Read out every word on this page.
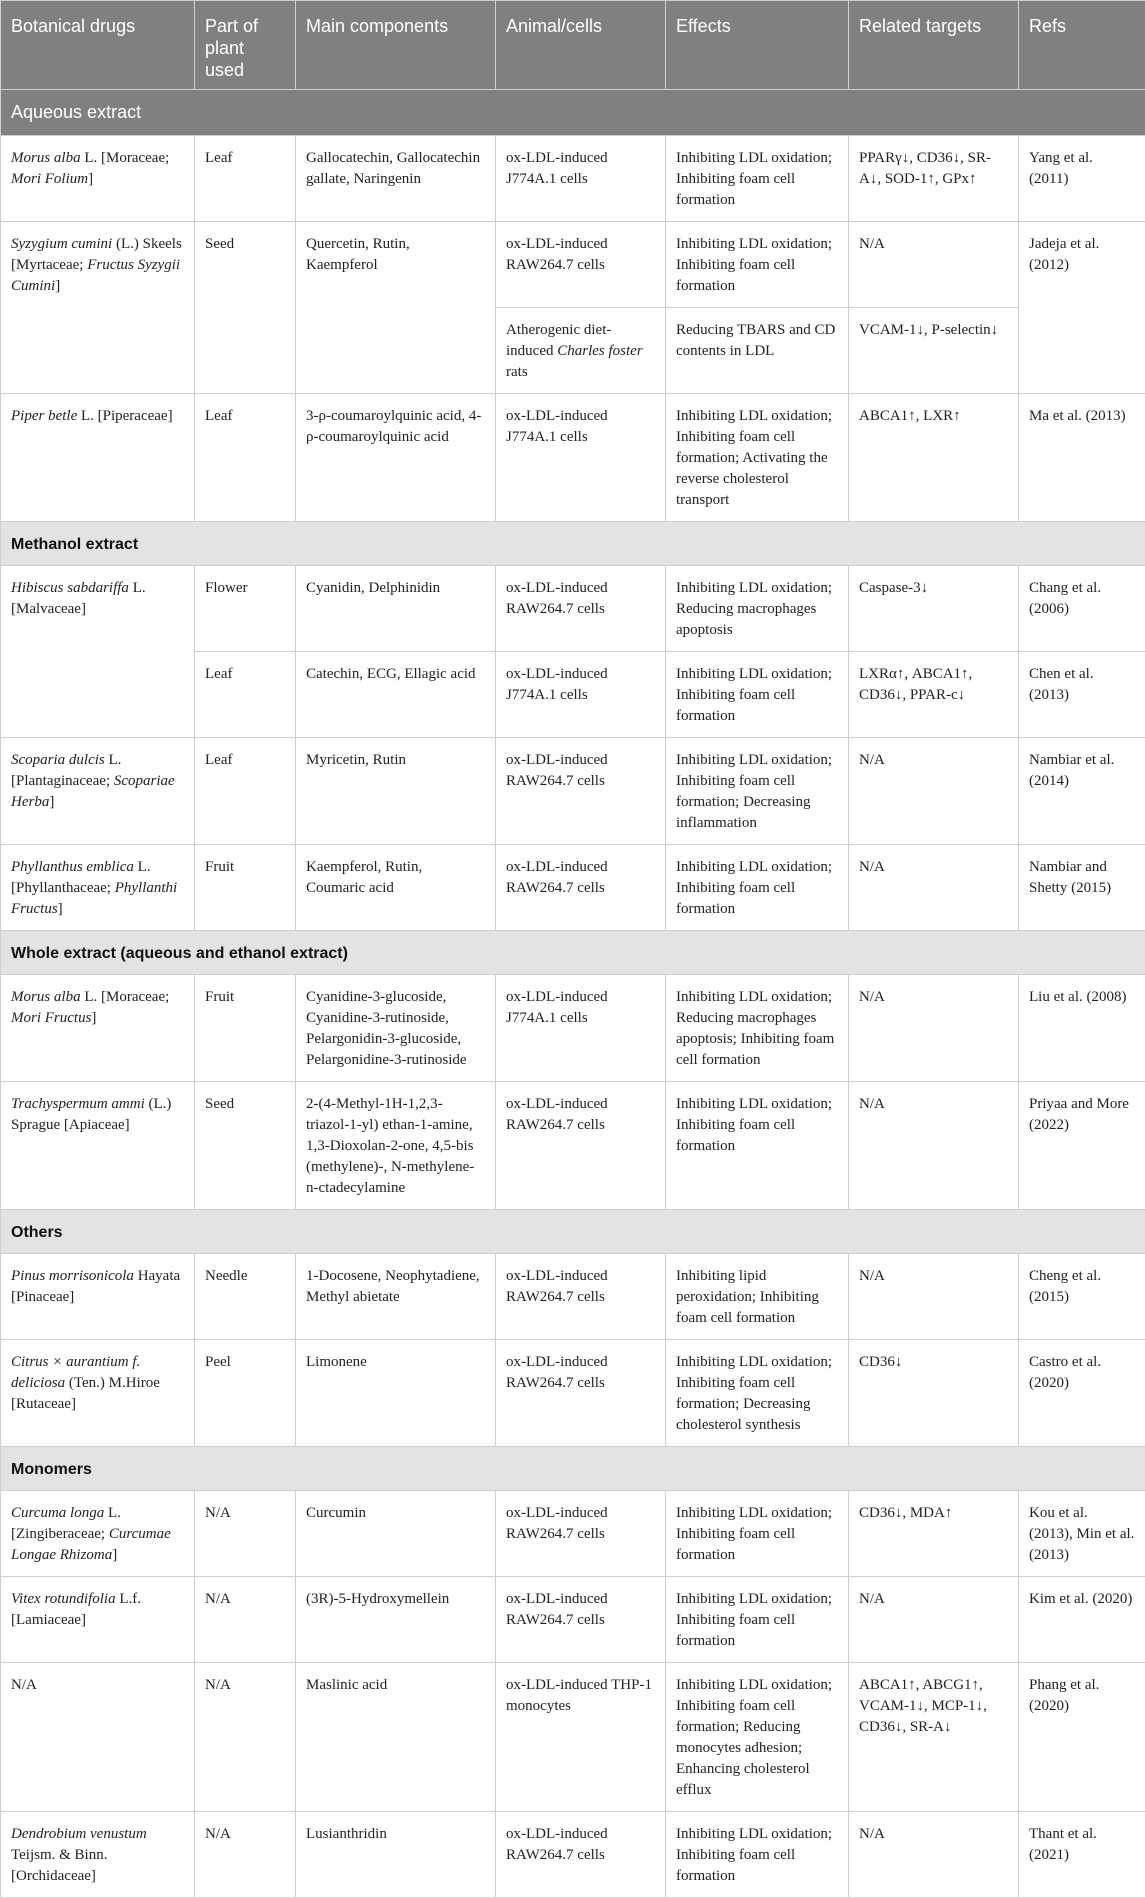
Botanical drugs	Part of plant used	Main components	Animal/cells	Effects	Related targets	Refs
Aqueous extract						
Morus alba L. [Moraceae; Mori Folium]	Leaf	Gallocatechin, Gallocatechin gallate, Naringenin	ox-LDL-induced J774A.1 cells	Inhibiting LDL oxidation; Inhibiting foam cell formation	PPARγ↓, CD36↓, SR-A↓, SOD-1↑, GPx↑	Yang et al. (2011)
Syzygium cumini (L.) Skeels [Myrtaceae; Fructus Syzygii Cumini]	Seed	Quercetin, Rutin, Kaempferol	ox-LDL-induced RAW264.7 cells	Inhibiting LDL oxidation; Inhibiting foam cell formation	N/A	Jadeja et al. (2012)
			Atherogenic diet-induced Charles foster rats	Reducing TBARS and CD contents in LDL	VCAM-1↓, P-selectin↓	
Piper betle L. [Piperaceae]	Leaf	3-ρ-coumaroylquinic acid, 4-ρ-coumaroylquinic acid	ox-LDL-induced J774A.1 cells	Inhibiting LDL oxidation; Inhibiting foam cell formation; Activating the reverse cholesterol transport	ABCA1↑, LXR↑	Ma et al. (2013)
Methanol extract						
Hibiscus sabdariffa L. [Malvaceae]	Flower	Cyanidin, Delphinidin	ox-LDL-induced RAW264.7 cells	Inhibiting LDL oxidation; Reducing macrophages apoptosis	Caspase-3↓	Chang et al. (2006)
	Leaf	Catechin, ECG, Ellagic acid	ox-LDL-induced J774A.1 cells	Inhibiting LDL oxidation; Inhibiting foam cell formation	LXRα↑, ABCA1↑, CD36↓, PPAR-c↓	Chen et al. (2013)
Scoparia dulcis L. [Plantaginaceae; Scopariae Herba]	Leaf	Myricetin, Rutin	ox-LDL-induced RAW264.7 cells	Inhibiting LDL oxidation; Inhibiting foam cell formation; Decreasing inflammation	N/A	Nambiar et al. (2014)
Phyllanthus emblica L. [Phyllanthaceae; Phyllanthi Fructus]	Fruit	Kaempferol, Rutin, Coumaric acid	ox-LDL-induced RAW264.7 cells	Inhibiting LDL oxidation; Inhibiting foam cell formation	N/A	Nambiar and Shetty (2015)
Whole extract (aqueous and ethanol extract)						
Morus alba L. [Moraceae; Mori Fructus]	Fruit	Cyanidine-3-glucoside, Cyanidine-3-rutinoside, Pelargonidin-3-glucoside, Pelargonidine-3-rutinoside	ox-LDL-induced J774A.1 cells	Inhibiting LDL oxidation; Reducing macrophages apoptosis; Inhibiting foam cell formation	N/A	Liu et al. (2008)
Trachyspermum ammi (L.) Sprague [Apiaceae]	Seed	2-(4-Methyl-1H-1,2,3-triazol-1-yl) ethan-1-amine, 1,3-Dioxolan-2-one, 4,5-bis (methylene)-, N-methylene-n-ctadecylamine	ox-LDL-induced RAW264.7 cells	Inhibiting LDL oxidation; Inhibiting foam cell formation	N/A	Priyaa and More (2022)
Others						
Pinus morrisonicola Hayata [Pinaceae]	Needle	1-Docosene, Neophytadiene, Methyl abietate	ox-LDL-induced RAW264.7 cells	Inhibiting lipid peroxidation; Inhibiting foam cell formation	N/A	Cheng et al. (2015)
Citrus × aurantium f. deliciosa (Ten.) M.Hiroe [Rutaceae]	Peel	Limonene	ox-LDL-induced RAW264.7 cells	Inhibiting LDL oxidation; Inhibiting foam cell formation; Decreasing cholesterol synthesis	CD36↓	Castro et al. (2020)
Monomers						
Curcuma longa L. [Zingiberaceae; Curcumae Longae Rhizoma]	N/A	Curcumin	ox-LDL-induced RAW264.7 cells	Inhibiting LDL oxidation; Inhibiting foam cell formation	CD36↓, MDA↑	Kou et al. (2013), Min et al. (2013)
Vitex rotundifolia L.f. [Lamiaceae]	N/A	(3R)-5-Hydroxymellein	ox-LDL-induced RAW264.7 cells	Inhibiting LDL oxidation; Inhibiting foam cell formation	N/A	Kim et al. (2020)
N/A	N/A	Maslinic acid	ox-LDL-induced THP-1 monocytes	Inhibiting LDL oxidation; Inhibiting foam cell formation; Reducing monocytes adhesion; Enhancing cholesterol efflux	ABCA1↑, ABCG1↑, VCAM-1↓, MCP-1↓, CD36↓, SR-A↓	Phang et al. (2020)
Dendrobium venustum Teijsm. & Binn. [Orchidaceae]	N/A	Lusianthridin	ox-LDL-induced RAW264.7 cells	Inhibiting LDL oxidation; Inhibiting foam cell formation	N/A	Thant et al. (2021)
